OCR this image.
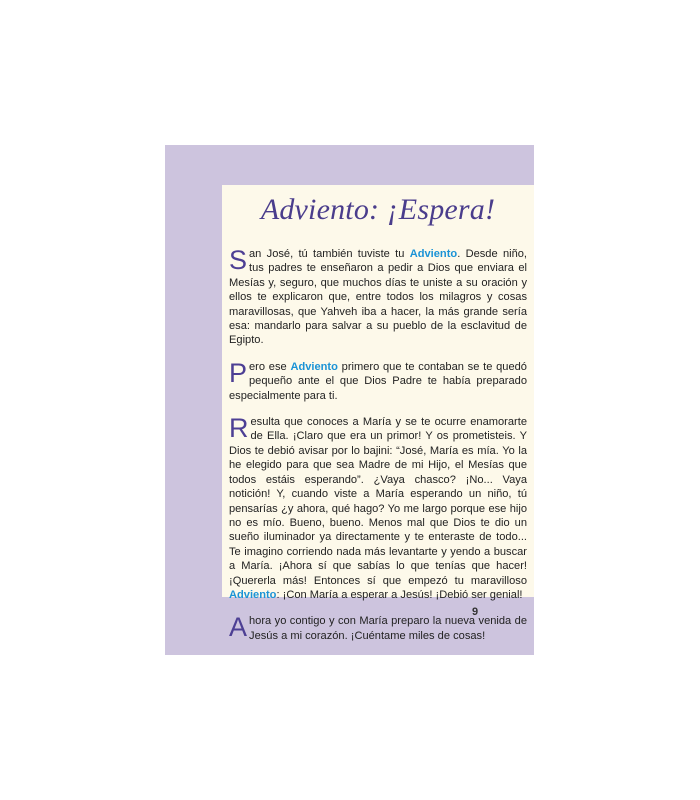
Adviento: ¡Espera!

San José, tú también tuviste tu Adviento. Desde niño, tus padres te enseñaron a pedir a Dios que enviara el Mesías y, seguro, que muchos días te uniste a su oración y ellos te explicaron que, entre todos los milagros y cosas maravillosas, que Yahveh iba a hacer, la más grande sería esa: mandarlo para salvar a su pueblo de la esclavitud de Egipto.

Pero ese Adviento primero que te contaban se te quedó pequeño ante el que Dios Padre te había preparado especialmente para ti.

Resulta que conoces a María y se te ocurre enamorarte de Ella. ¡Claro que era un primor! Y os prometisteis. Y Dios te debió avisar por lo bajini: “José, María es mía. Yo la he elegido para que sea Madre de mi Hijo, el Mesías que todos estáis esperando”. ¿Vaya chasco? ¡No... Vaya notición! Y, cuando viste a María esperando un niño, tú pensarías ¿y ahora, qué hago? Yo me largo porque ese hijo no es mío. Bueno, bueno. Menos mal que Dios te dio un sueño iluminador ya directamente y te enteraste de todo... Te imagino corriendo nada más levantarte y yendo a buscar a María. ¡Ahora sí que sabías lo que tenías que hacer! ¡Quererla más! Entonces sí que empezó tu maravilloso Adviento: ¡Con María a esperar a Jesús! ¡Debió ser genial!

Ahora yo contigo y con María preparo la nueva venida de Jesús a mi corazón. ¡Cuéntame miles de cosas!

9
